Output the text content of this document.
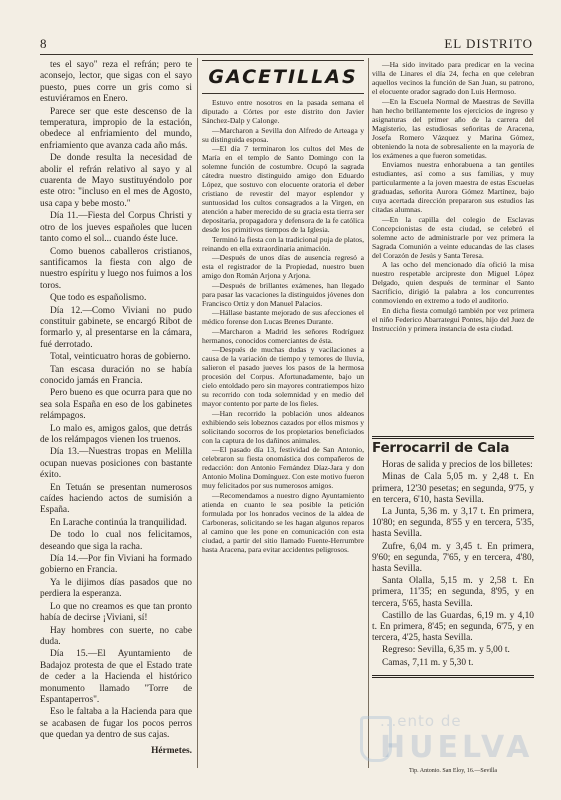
8	EL DISTRITO

tes el sayo" reza el refrán; pero te aconsejo, lector, que sigas con el sayo puesto, pues corre un gris como si estuviéramos en Enero.

Parece ser que este descenso de la temperatura, impropio de la estación, obedece al enfriamiento del mundo, enfriamiento que avanza cada año más.

De donde resulta la necesidad de abolir el refrán relativo al sayo y al cuarenta de Mayo sustituyéndolo por este otro: "incluso en el mes de Agosto, usa capa y bebe mosto."

Día 11.—Fiesta del Corpus Christi y otro de los jueves españoles que lucen tanto como el sol... cuando éste luce.

Como buenos caballeros cristianos, santificamos la fiesta con algo de nuestro espíritu y luego nos fuimos a los toros.

Que todo es españolismo.

Día 12.—Como Viviani no pudo constituir gabinete, se encargó Ribot de formarlo y, al presentarse en la cámara, fué derrotado.

Total, veinticuatro horas de gobierno.

Tan escasa duración no se había conocido jamás en Francia.

Pero bueno es que ocurra para que no sea sola España en eso de los gabinetes relámpagos.

Lo malo es, amigos galos, que detrás de los relámpagos vienen los truenos.

Día 13.—Nuestras tropas en Melilla ocupan nuevas posiciones con bastante éxito.

En Tetuán se presentan numerosos caídes haciendo actos de sumisión a España.

En Larache continúa la tranquilidad.

De todo lo cual nos felicitamos, deseando que siga la racha.

Día 14.—Por fin Viviani ha formado gobierno en Francia.

Ya le dijimos días pasados que no perdiera la esperanza.

Lo que no creamos es que tan pronto había de decirse ¡Viviani, sí!

Hay hombres con suerte, no cabe duda.

Día 15.—El Ayuntamiento de Badajoz protesta de que el Estado trate de ceder a la Hacienda el histórico monumento llamado "Torre de Espantaperros".

Eso le faltaba a la Hacienda para que se acabasen de fugar los pocos perros que quedan ya dentro de sus cajas.

Hérmetes.
GACETILLAS

Estuvo entre nosotros en la pasada semana el diputado a Córtes por este distrito don Javier Sánchez-Dalp y Calonge.

—Marcharon a Sevilla don Alfredo de Arteaga y su distinguida esposa.

—El día 7 terminaron los cultos del Mes de María en el templo de Santo Domingo con la solemne función de costumbre. Ocupó la sagrada cátedra nuestro distinguido amigo don Eduardo López, que sostuvo con elocuente oratoria el deber cristiano de revestir del mayor esplendor y suntuosidad los cultos consagrados a la Virgen, en atención a haber merecido de su gracia esta tierra ser depositaria, propagadora y defensora de la fe católica desde los primitivos tiempos de la Iglesia.

Terminó la fiesta con la tradicional puja de platos, reinando en ella extraordinaria animación.

—Después de unos días de ausencia regresó a esta el registrador de la Propiedad, nuestro buen amigo don Román Arjona y Arjona.

—Después de brillantes exámenes, han llegado para pasar las vacaciones la distinguidos jóvenes don Francisco Ortiz y don Manuel Palacios.

—Hállase bastante mejorado de sus afecciones el médico forense don Lucas Brenes Durante.

—Marcharon a Madrid les señores Rodríguez hermanos, conocidos comerciantes de ésta.

—Después de muchas dudas y vacilaciones a causa de la variación de tiempo y temores de lluvia, salieron el pasado jueves los pasos de la hermosa procesión del Corpus. Afortunadamente, bajo un cielo entoldado pero sin mayores contratiempos hizo su recorrido con toda solemnidad y en medio del mayor contento por parte de los fieles.

—Han recorrido la población unos aldeanos exhibiendo seis lobeznos cazados por ellos mismos y solicitando socorros de los propietarios beneficiados con la captura de los dañinos animales.

—El pasado día 13, festividad de San Antonio, celebraron su fiesta onomástica dos compañeros de redacción: don Antonio Fernández Díaz-Jara y don Antonio Molina Domínguez. Con este motivo fueron muy felicitados por sus numerosos amigos.

—Recomendamos a nuestro digno Ayuntamiento atienda en cuanto le sea posible la petición formulada por los honrados vecinos de la aldea de Carboneras, solicitando se les hagan algunos reparos al camino que les pone en comunicación con esta ciudad, a partir del sitio llamado Fuente-Herrumbre hasta Aracena, para evitar accidentes peligrosos.

—Ha sido invitado para predicar en la vecina villa de Linares el día 24, fecha en que celebran aquellos vecinos la función de San Juan, su patrono, el elocuente orador sagrado don Luis Hermoso.

—En la Escuela Normal de Maestras de Sevilla han hecho brillantemente los ejercicios de ingreso y asignaturas del primer año de la carrera del Magisterio, las estudiosas señoritas de Aracena, Josefa Romero Vázquez y Marina Gómez, obteniendo la nota de sobresaliente en la mayoría de los exámenes a que fueron sometidas.

Enviamos nuestra enhorabuena a tan gentiles estudiantes, así como a sus familias, y muy particularmente a la joven maestra de estas Escuelas graduadas, señorita Aurora Gómez Martínez, bajo cuya acertada dirección prepararon sus estudios las citadas alumnas.

—En la capilla del colegio de Esclavas Concepcionistas de esta ciudad, se celebró el solemne acto de administrarle por vez primera la Sagrada Comunión a veinte educandas de las clases del Corazón de Jesús y Santa Teresa.

A las ocho del mencionado día ofició la misa nuestro respetable arcipreste don Miguel López Delgado, quien después de terminar el Santo Sacrificio, dirigió la palabra a los concurrentes conmoviendo en extremo a todo el auditorio.

En dicha fiesta comulgó también por vez primera el niño Federico Abarrategui Pontes, hijo del Juez de Instrucción y primera instancia de esta ciudad.

Ferrocarril de Cala

Horas de salida y precios de los billetes:

Minas de Cala 5,05 m. y 2,48 t. En primera, 12'30 pesetas; en segunda, 9'75, y en tercera, 6'10, hasta Sevilla.

La Junta, 5,36 m. y 3,17 t. En primera, 10'80; en segunda, 8'55 y en tercera, 5'35, hasta Sevilla.

Zufre, 6,04 m. y 3,45 t. En primera, 9'60; en segunda, 7'65, y en tercera, 4'80, hasta Sevilla.

Santa Olalla, 5,15 m. y 2,58 t. En primera, 11'35; en segunda, 8'95, y en tercera, 5'65, hasta Sevilla.

Castillo de las Guardas, 6,19 m. y 4,10 t. En primera, 8'45; en segunda, 6'75, y en tercera, 4'25, hasta Sevilla.

Regreso: Sevilla, 6,35 m. y 5,00 t.

Camas, 7,11 m. y 5,30 t.

Tip. Antonio. San Eloy, 16.—Sevilla
...ento de
HUELVA
